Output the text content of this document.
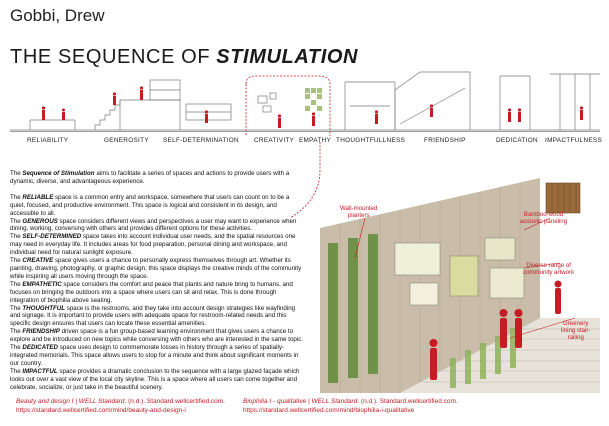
Gobbi, Drew
THE SEQUENCE OF STIMULATION
RELIABILITY	GENEROSITY SELF-DETERMINATION CREATIVITY EMPATHY THOUGHTFULLNESS	FRIENDSHIP	DEDICATION IMPACTFULNESS

The Sequence of Stimulation aims to facilitate a series of spaces and actions to provide users with a dynamic, diverse, and advantageous experience.

The RELIABLE space is a common entry and workspace, somewhere that users can count on to be a quiet, focused, and productive environment. This space is logical and consistent in its design, and accessible to all.

The GENEROUS space considers different views and perspectives a user may want to experience when dining, working, conversing with others and provides different options for these activities.

The SELF-DETERMINED space takes into account individual user needs, and the spatial resources one may need in everyday life. It includes areas for food preparation, personal dining and workspace, and individual need for natural sunlight exposure.

The CREATIVE space gives users a chance to personally express themselves through art. Whether its painting, drawing, photography, or graphic design, this space displays the creative minds of the community while inspiring all users moving through the space.

The EMPATHETIC space considers the comfort and peace that plants and nature bring to humans, and focuses on bringing the outdoors into a space where users can sit and relax. This is done through integration of biophilia above seating.

The THOUGHTFUL space is the restrooms, and they take into account design strategies like wayfinding and signage. It is important to provide users with adequate space for restroom-related needs and this specific design ensures that users can locate these essential amenities.

The FRIENDSHIP driven space is a fun group-based learning environment that gives users a chance to explore and be introduced on new topics while conversing with others who are interested in the same topic.

The DEDICATED space uses design to commemorate losses in history through a series of spatially-integrated memorials. This space allows users to stop for a minute and think about significant moments in our country.

The IMPACTFUL space provides a dramatic conclusion to the sequence with a large glazed façade which looks out over a vast view of the local city skyline. This is a space where all users can come together and celebrate, socialize, or just take in the beautiful scenery.

Wall-mounted
planters	Bamboo-wood
acoustic paneling
Diverse range of
community artwork
Greenery
lining stair-
railing
Beauty and design I | WELL Standard. (n.d.). Standard.wellcertified.com.
https://standard.wellcertified.com/mind/beauty-and-design-i
Biophilia I - qualitative | WELL Standard. (n.d.). Standard.wellcertified.com.
https://standard.wellcertified.com/mind/biophilia-i-qualitative
